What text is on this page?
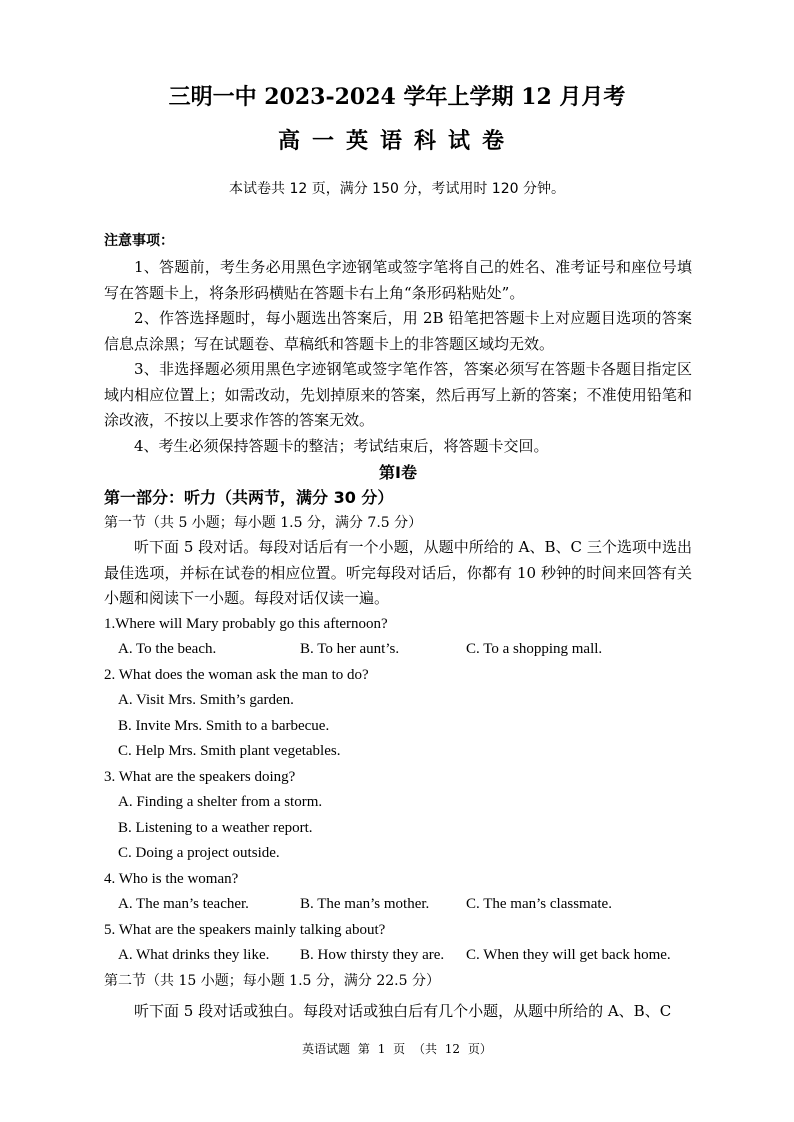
三明一中 2023-2024 学年上学期 12 月月考
高一英语科试卷
本试卷共 12 页，满分 150 分，考试用时 120 分钟。
注意事项：
1、答题前，考生务必用黑色字迹钢笔或签字笔将自己的姓名、准考证号和座位号填写在答题卡上，将条形码横贴在答题卡右上角“条形码粘贴处”。
2、作答选择题时，每小题选出答案后，用 2B 铅笔把答题卡上对应题目选项的答案信息点涂黑；写在试题卷、草稿纸和答题卡上的非答题区域均无效。
3、非选择题必须用黑色字迹钢笔或签字笔作答，答案必须写在答题卡各题目指定区域内相应位置上；如需改动，先划掉原来的答案，然后再写上新的答案；不准使用铅笔和涂改液，不按以上要求作答的答案无效。
4、考生必须保持答题卡的整洁；考试结束后，将答题卡交回。
第Ⅰ卷
第一部分：听力（共两节，满分 30 分）
第一节（共 5 小题；每小题 1.5 分，满分 7.5 分）
听下面 5 段对话。每段对话后有一个小题，从题中所给的 A、B、C 三个选项中选出最佳选项，并标在试卷的相应位置。听完每段对话后，你都有 10 秒钟的时间来回答有关小题和阅读下一小题。每段对话仅读一遍。
1.Where will Mary probably go this afternoon?
A. To the beach.	B. To her aunt’s.	C. To a shopping mall.
2. What does the woman ask the man to do?
A. Visit Mrs. Smith’s garden.
B. Invite Mrs. Smith to a barbecue.
C. Help Mrs. Smith plant vegetables.
3. What are the speakers doing?
A. Finding a shelter from a storm.
B. Listening to a weather report.
C. Doing a project outside.
4. Who is the woman?
A. The man’s teacher.	B. The man’s mother.	C. The man’s classmate.
5. What are the speakers mainly talking about?
A. What drinks they like.	B. How thirsty they are.	C. When they will get back home.
第二节（共 15 小题；每小题 1.5 分，满分 22.5 分）
听下面 5 段对话或独白。每段对话或独白后有几个小题，从题中所给的 A、B、C
英语试题 第 1 页 （共 12 页）
